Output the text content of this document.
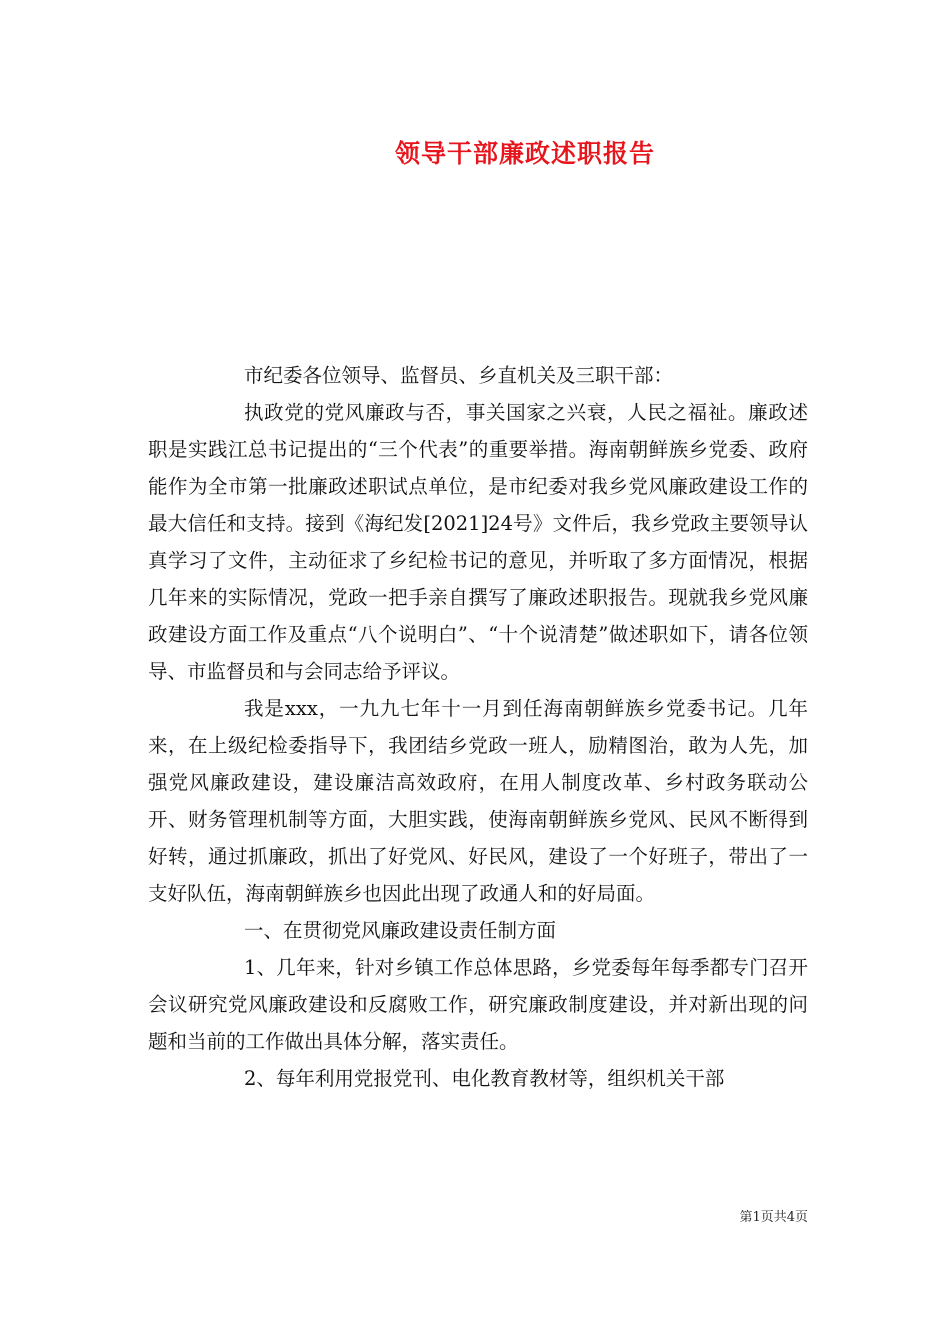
领导干部廉政述职报告

市纪委各位领导、监督员、乡直机关及三职干部：

执政党的党风廉政与否，事关国家之兴衰，人民之福祉。廉政述职是实践江总书记提出的“三个代表”的重要举措。海南朝鲜族乡党委、政府能作为全市第一批廉政述职试点单位，是市纪委对我乡党风廉政建设工作的最大信任和支持。接到《海纪发[2021]24号》文件后，我乡党政主要领导认真学习了文件，主动征求了乡纪检书记的意见，并听取了多方面情况，根据几年来的实际情况，党政一把手亲自撰写了廉政述职报告。现就我乡党风廉政建设方面工作及重点“八个说明白”、“十个说清楚”做述职如下，请各位领导、市监督员和与会同志给予评议。

我是xxx，一九九七年十一月到任海南朝鲜族乡党委书记。几年来，在上级纪检委指导下，我团结乡党政一班人，励精图治，敢为人先，加强党风廉政建设，建设廉洁高效政府，在用人制度改革、乡村政务联动公开、财务管理机制等方面，大胆实践，使海南朝鲜族乡党风、民风不断得到好转，通过抓廉政，抓出了好党风、好民风，建设了一个好班子，带出了一支好队伍，海南朝鲜族乡也因此出现了政通人和的好局面。

一、在贯彻党风廉政建设责任制方面

1、几年来，针对乡镇工作总体思路，乡党委每年每季都专门召开会议研究党风廉政建设和反腐败工作，研究廉政制度建设，并对新出现的问题和当前的工作做出具体分解，落实责任。

2、每年利用党报党刊、电化教育教材等，组织机关干部

第1页共4页
